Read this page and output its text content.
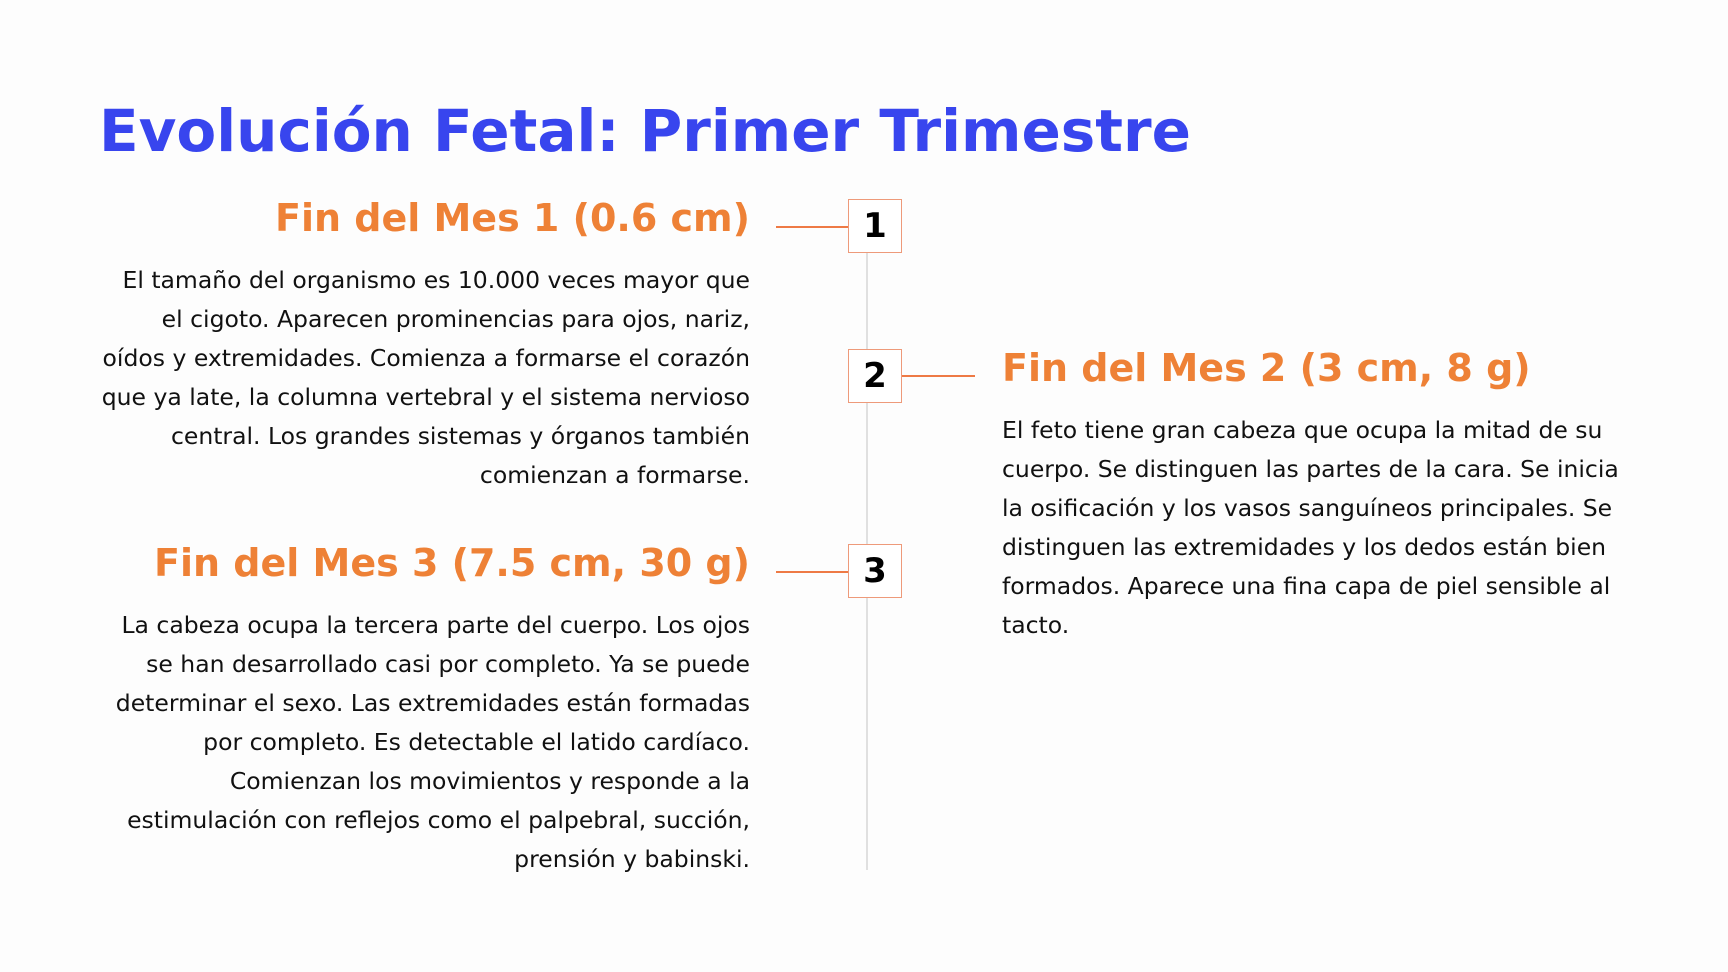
Evolución Fetal: Primer Trimestre
Fin del Mes 1 (0.6 cm)	1

El tamaño del organismo es 10.000 veces mayor que el cigoto. Aparecen prominencias para ojos, nariz, oídos y extremidades. Comienza a formarse el corazón que ya late, la columna vertebral y el sistema nervioso central. Los grandes sistemas y órganos también comienzan a formarse.

2	Fin del Mes 2 (3 cm, 8 g)

El feto tiene gran cabeza que ocupa la mitad de su cuerpo. Se distinguen las partes de la cara. Se inicia la osificación y los vasos sanguíneos principales. Se distinguen las extremidades y los dedos están bien formados. Aparece una fina capa de piel sensible al tacto.

Fin del Mes 3 (7.5 cm, 30 g)	3

La cabeza ocupa la tercera parte del cuerpo. Los ojos se han desarrollado casi por completo. Ya se puede determinar el sexo. Las extremidades están formadas por completo. Es detectable el latido cardíaco. Comienzan los movimientos y responde a la estimulación con reflejos como el palpebral, succión, prensión y babinski.
